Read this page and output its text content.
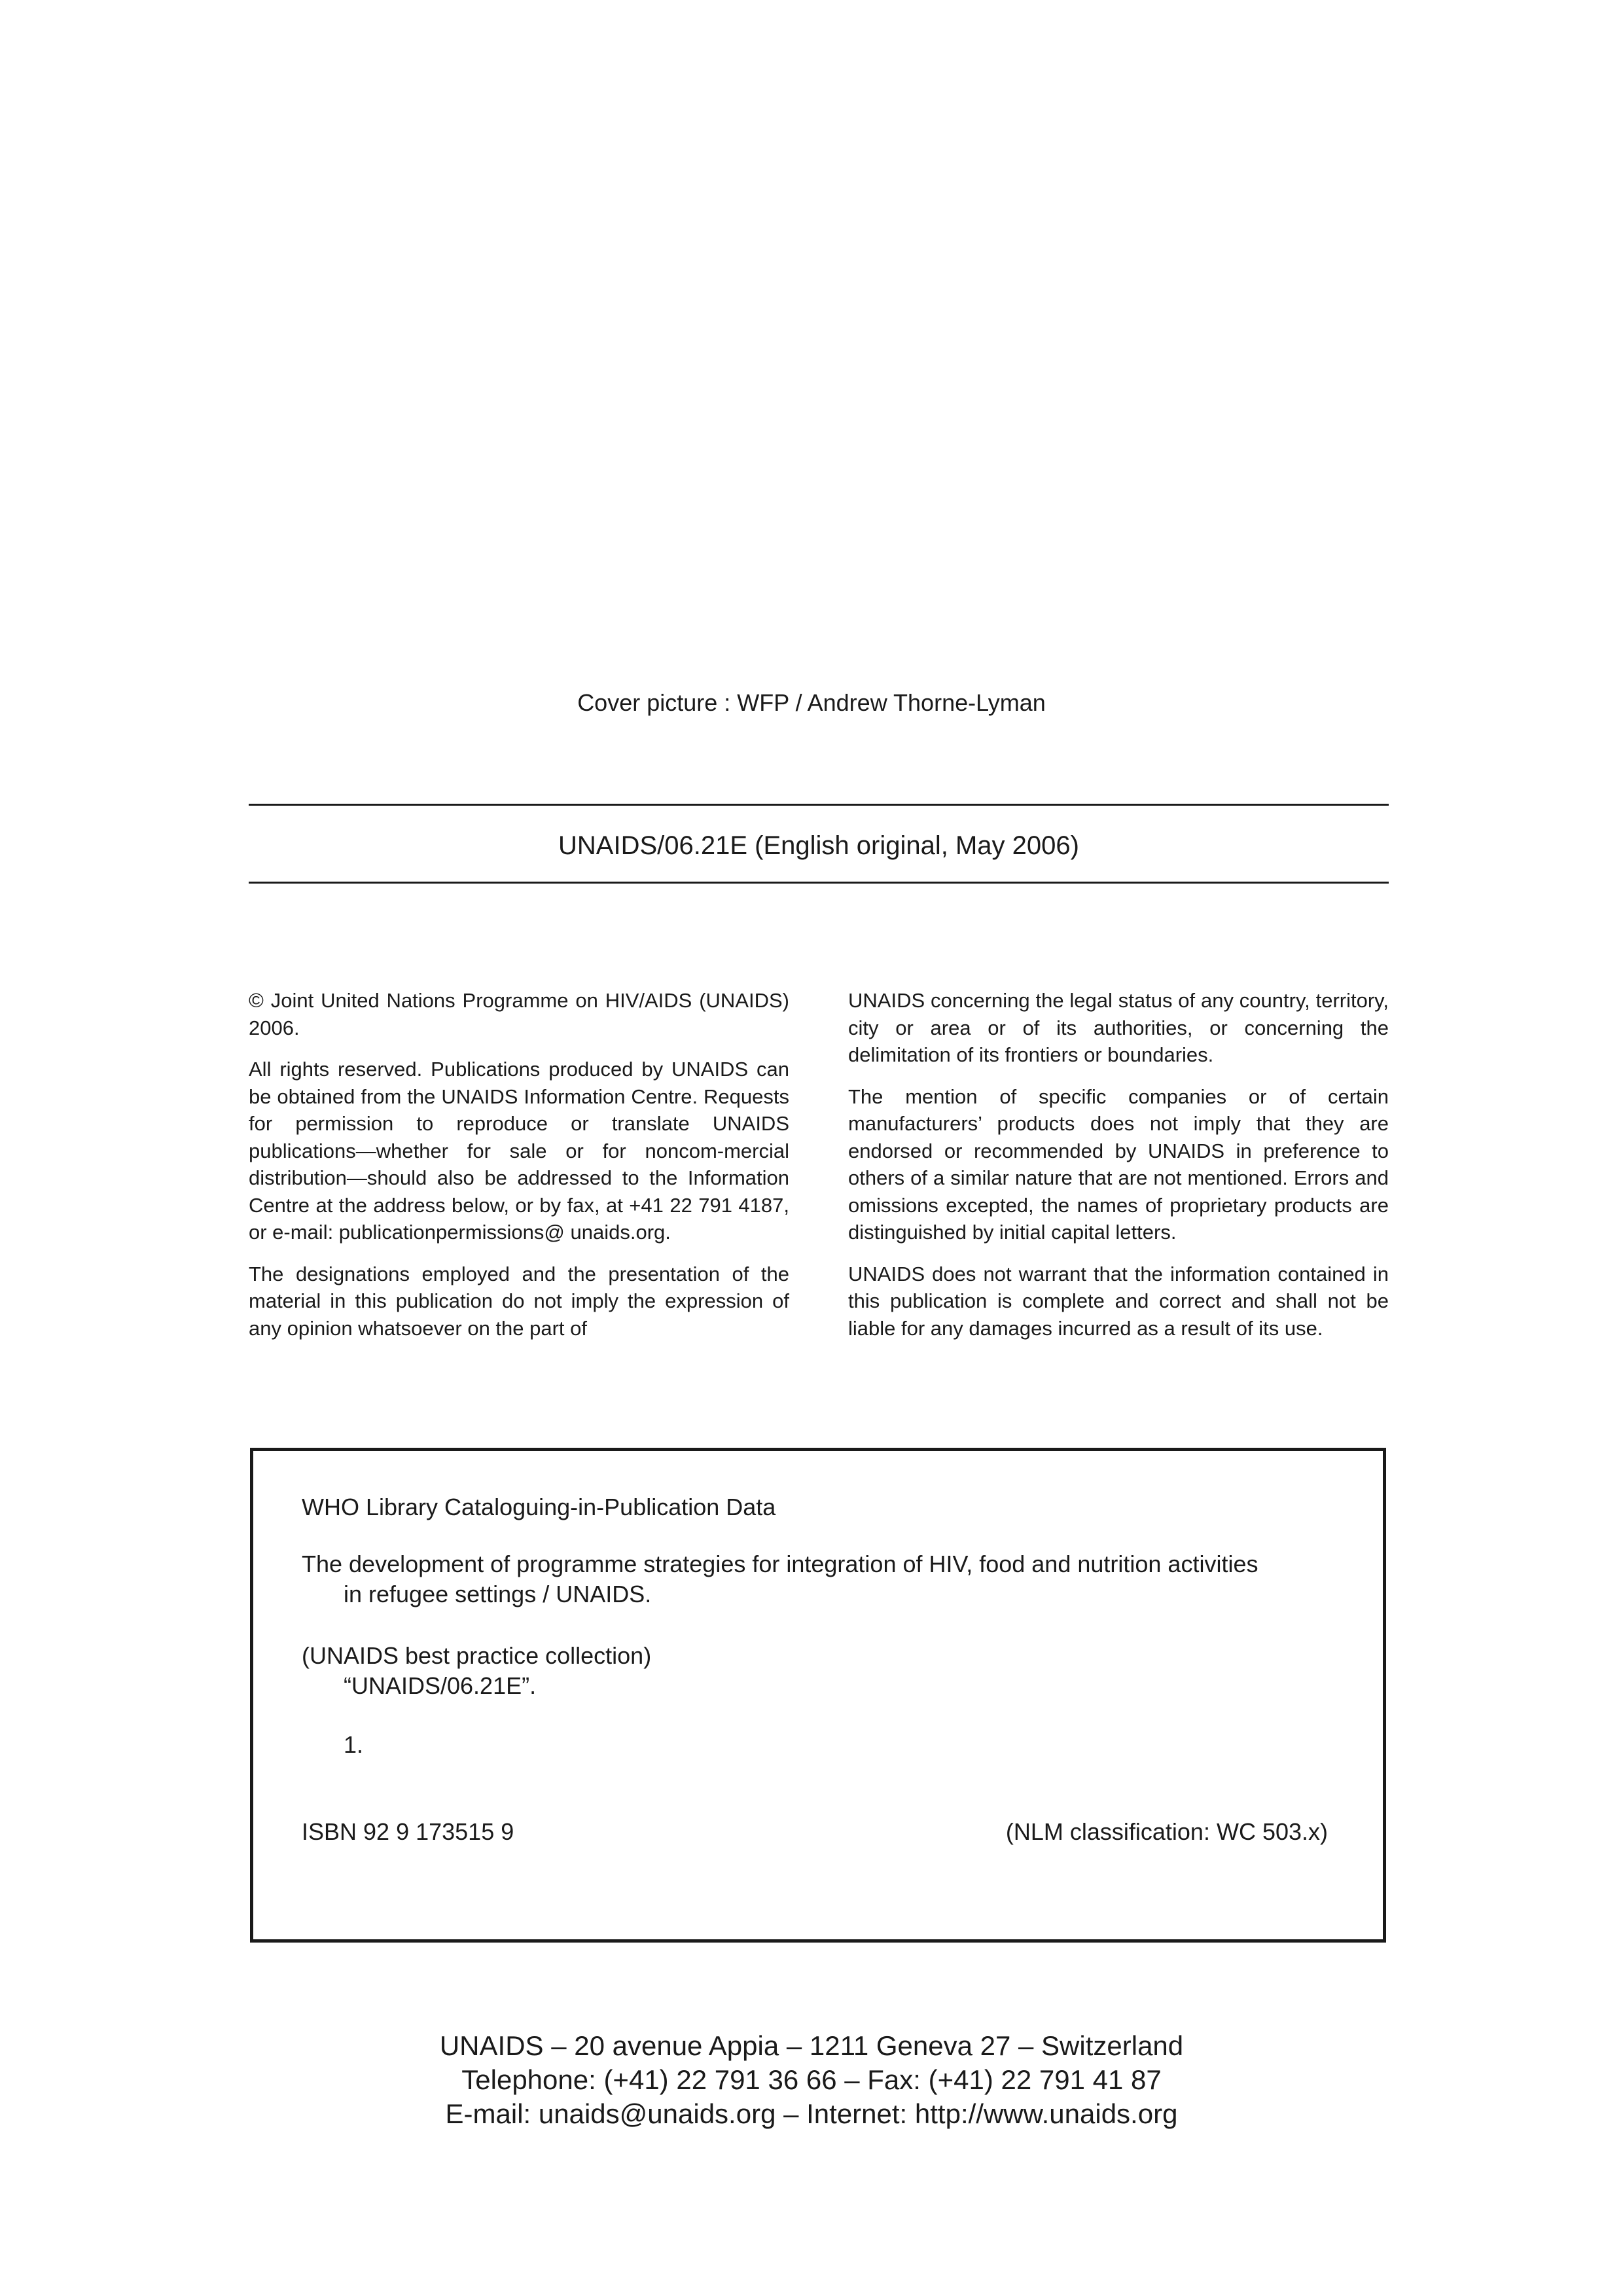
Cover picture : WFP / Andrew Thorne-Lyman
UNAIDS/06.21E (English original, May 2006)

© Joint United Nations Programme on HIV/AIDS (UNAIDS) 2006.

All rights reserved. Publications produced by UNAIDS can be obtained from the UNAIDS Information Centre. Requests for permission to reproduce or translate UNAIDS publications—whether for sale or for noncom-mercial distribution—should also be addressed to the Information Centre at the address below, or by fax, at +41 22 791 4187, or e-mail: publicationpermissions@ unaids.org.

The designations employed and the presentation of the material in this publication do not imply the expression of any opinion whatsoever on the part of

UNAIDS concerning the legal status of any country, territory, city or area or of its authorities, or concerning the delimitation of its frontiers or boundaries.

The mention of specific companies or of certain manufacturers’ products does not imply that they are endorsed or recommended by UNAIDS in preference to others of a similar nature that are not mentioned. Errors and omissions excepted, the names of proprietary products are distinguished by initial capital letters.

UNAIDS does not warrant that the information contained in this publication is complete and correct and shall not be liable for any damages incurred as a result of its use.

WHO Library Cataloguing-in-Publication Data
The development of programme strategies for integration of HIV, food and nutrition activities
in refugee settings / UNAIDS.
(UNAIDS best practice collection)
“UNAIDS/06.21E”.
1.
ISBN 92 9 173515 9	(NLM classification: WC 503.x)
UNAIDS – 20 avenue Appia – 1211 Geneva 27 – Switzerland
Telephone: (+41) 22 791 36 66 – Fax: (+41) 22 791 41 87
E-mail: unaids@unaids.org – Internet: http://www.unaids.org
